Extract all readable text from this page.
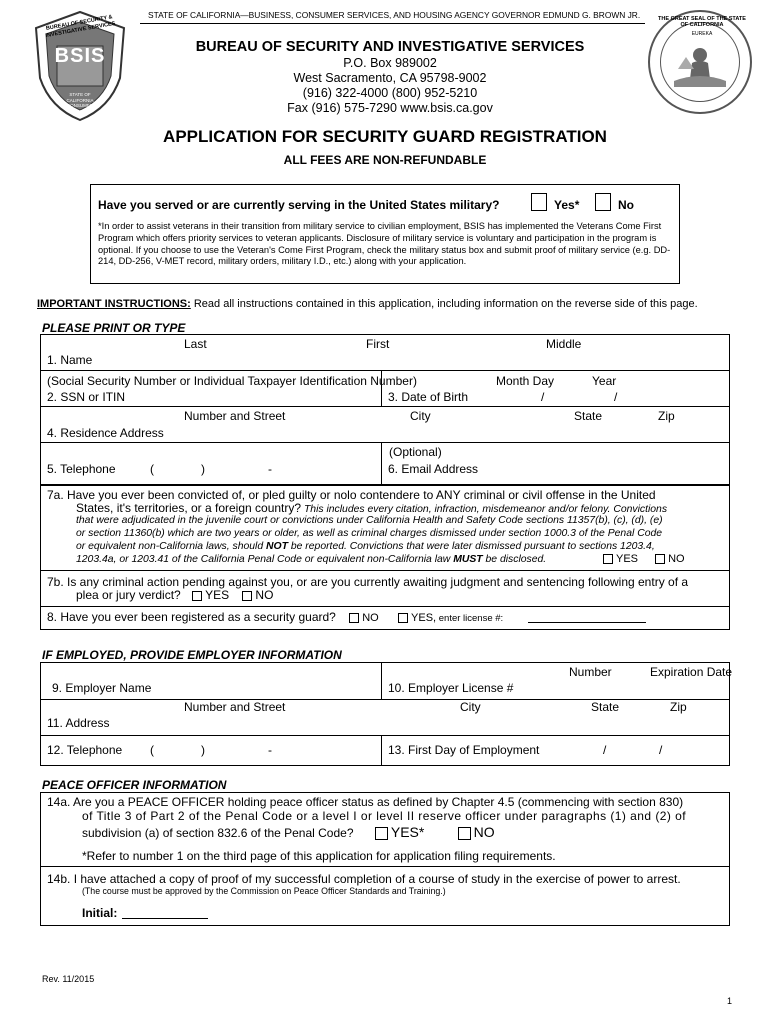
STATE OF CALIFORNIA—BUSINESS, CONSUMER SERVICES, AND HOUSING AGENCY GOVERNOR EDMUND G. BROWN JR.
BUREAU OF SECURITY & INVESTIGATIVE SERVICES
BSIS
STATE OF CALIFORNIA CONSUMER AFFAIRS
THE GREAT SEAL OF THE STATE OF CALIFORNIA
EUREKA
BUREAU OF SECURITY AND INVESTIGATIVE SERVICES
P.O. Box 989002
West Sacramento, CA 95798-9002
(916) 322-4000 (800) 952-5210
Fax (916) 575-7290 www.bsis.ca.gov
APPLICATION FOR SECURITY GUARD REGISTRATION
ALL FEES ARE NON-REFUNDABLE
Have you served or are currently serving in the United States military?	Yes*	No
*In order to assist veterans in their transition from military service to civilian employment, BSIS has implemented the Veterans Come First Program which offers priority services to veteran applicants. Disclosure of military service is voluntary and participation in the program is optional. If you choose to use the Veteran's Come First Program, check the military status box and submit proof of military service (e.g. DD-214, DD-256, V-MET record, military orders, military I.D., etc.) along with your application.
IMPORTANT INSTRUCTIONS: Read all instructions contained in this application, including information on the reverse side of this page.
PLEASE PRINT OR TYPE
Last	First	Middle
1. Name
(Social Security Number or Individual Taxpayer Identification Number)	Month Day	Year
2. SSN or ITIN	3. Date of Birth	/	/
Number and Street	City	State	Zip
4. Residence Address
(Optional)
5. Telephone	(	)	-	6. Email Address
7a. Have you ever been convicted of, or pled guilty or nolo contendere to ANY criminal or civil offense in the United
States, it's territories, or a foreign country? This includes every citation, infraction, misdemeanor and/or felony. Convictions
that were adjudicated in the juvenile court or convictions under California Health and Safety Code sections 11357(b), (c), (d), (e)
or section 11360(b) which are two years or older, as well as criminal charges dismissed under section 1000.3 of the Penal Code
or equivalent non-California laws, should NOT be reported. Convictions that were later dismissed pursuant to sections 1203.4,
1203.4a, or 1203.41 of the California Penal Code or equivalent non-California law MUST be disclosed.	YES	NO
7b. Is any criminal action pending against you, or are you currently awaiting judgment and sentencing following entry of a
plea or jury verdict? YES NO
8. Have you ever been registered as a security guard? NO	YES, enter license #:
IF EMPLOYED, PROVIDE EMPLOYER INFORMATION
Number	Expiration Date
9. Employer Name	10. Employer License #
Number and Street	City	State	Zip
11. Address
12. Telephone (	)	-	13. First Day of Employment	/	/
PEACE OFFICER INFORMATION
14a. Are you a PEACE OFFICER holding peace officer status as defined by Chapter 4.5 (commencing with section 830)
of Title 3 of Part 2 of the Penal Code or a level I or level II reserve officer under paragraphs (1) and (2) of
subdivision (a) of section 832.6 of the Penal Code?	YES*	NO
*Refer to number 1 on the third page of this application for application filing requirements.
14b. I have attached a copy of proof of my successful completion of a course of study in the exercise of power to arrest.
(The course must be approved by the Commission on Peace Officer Standards and Training.)
Initial:
Rev. 11/2015
1
